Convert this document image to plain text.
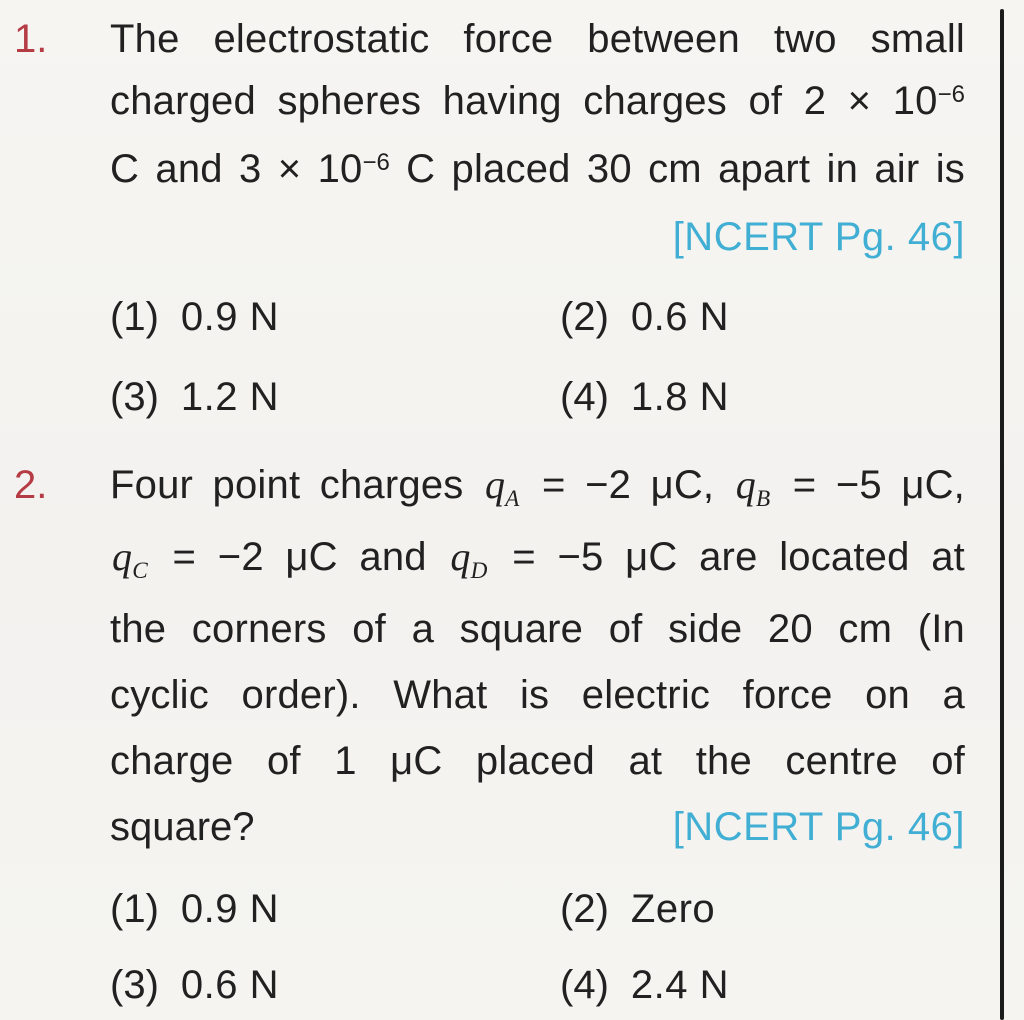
1.	The electrostatic force between two small
charged spheres having charges of $2 \times 10^{-6}$
C and $3 \times 10^{-6}$ C placed 30 cm apart in air is
[NCERT Pg. 46]
(1) 0.9 N	(2) 0.6 N
(3) 1.2 N	(4) 1.8 N
2.	Four point charges $q_A = -2$ μC, $q_B = -5$ μC,
$q_C = -2$ μC and $q_D = -5$ μC are located at
the corners of a square of side 20 cm (In
cyclic order). What is electric force on a
charge of 1 μC placed at the centre of
square?	[NCERT Pg. 46]
(1) 0.9 N	(2) Zero
(3) 0.6 N	(4) 2.4 N
